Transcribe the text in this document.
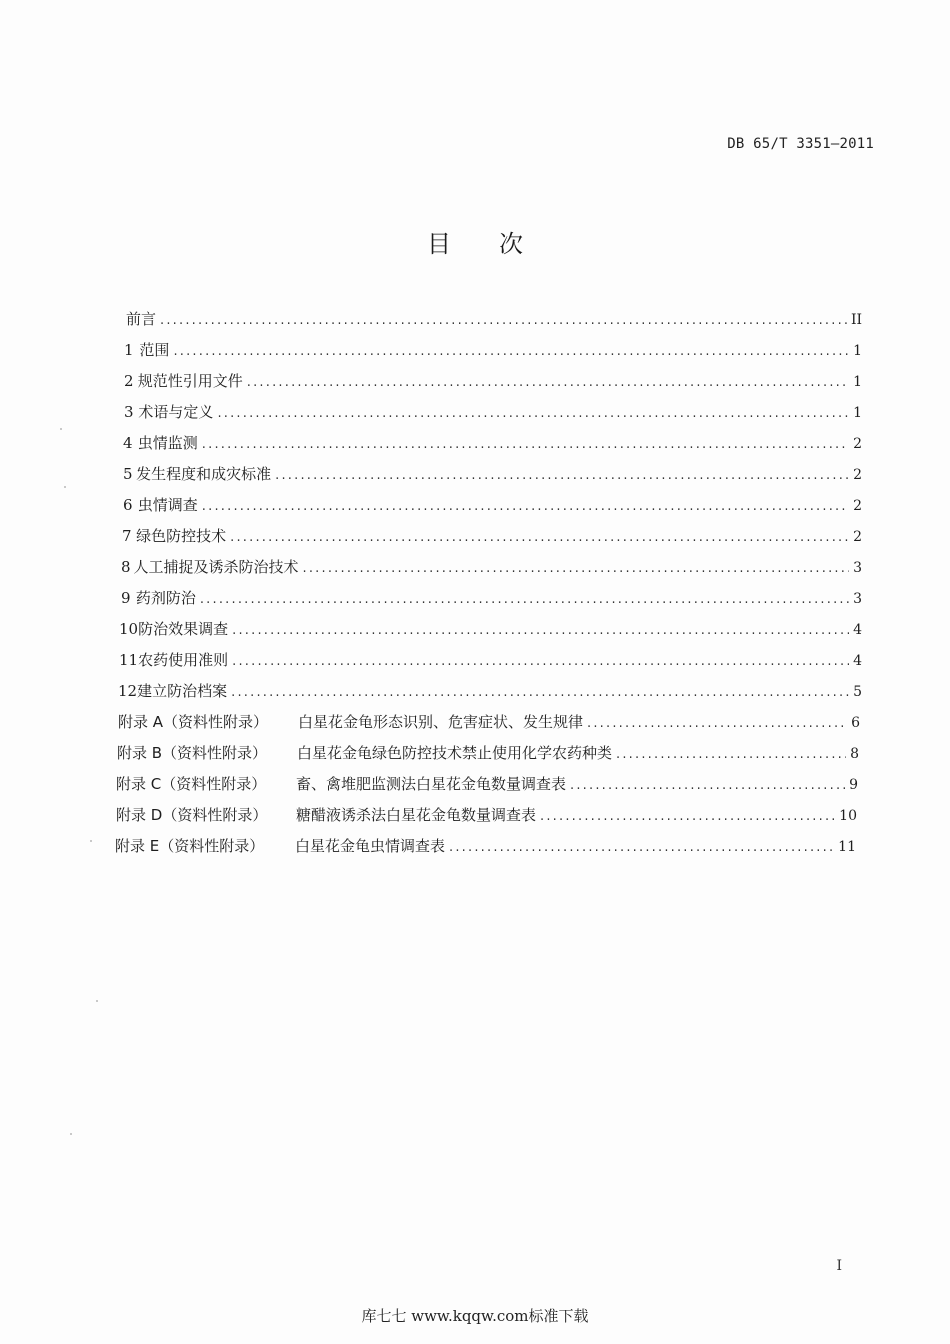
DB 65/T 3351—2011
目次
前言 .....	II
1 范围 .....	1
2 规范性引用文件 .....	1
3 术语与定义 .....	1
4 虫情监测 .....	2
5 发生程度和成灾标准 .....	2
6 虫情调查 .....	2
7 绿色防控技术 .....	2
8 人工捕捉及诱杀防治技术 .....	3
9 药剂防治 .....	3
10 防治效果调查 .....	4
11 农药使用准则 .....	4
12 建立防治档案 .....	5
附录 A（资料性附录）	白星花金龟形态识别、危害症状、发生规律 .....	6
附录 B（资料性附录）	白星花金龟绿色防控技术禁止使用化学农药种类 .....	8
附录 C（资料性附录）	畜、禽堆肥监测法白星花金龟数量调查表 .....	9
附录 D（资料性附录）	糖醋液诱杀法白星花金龟数量调查表 .....	10
附录 E（资料性附录）	白星花金龟虫情调查表 .....	11
I
库七七 www.kqqw.com标准下载
